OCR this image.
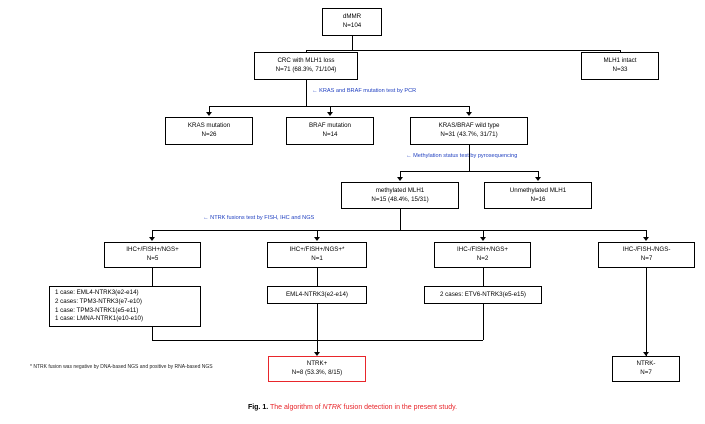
dMMR
N=104
CRC with MLH1 loss
N=71 (68.3%, 71/104)
MLH1 intact
N=33
KRAS mutation
N=26
BRAF mutation
N=14
KRAS/BRAF wild type
N=31 (43.7%, 31/71)
methylated MLH1
N=15 (48.4%, 15/31)
Unmethylated MLH1
N=16
IHC+/FISH+/NGS+
N=5
IHC+/FISH+/NGS+*
N=1
IHC-/FISH+/NGS+
N=2
IHC-/FISH-/NGS-
N=7
1 case: EML4-NTRK3(e2-e14)
2 cases: TPM3-NTRK3(e7-e10)
1 case: TPM3-NTRK1(e5-e11)
1 case: LMNA-NTRK1(e10-e10)
EML4-NTRK3(e2-e14)	2 cases: ETV6-NTRK3(e5-e15)
NTRK+
N=8 (53.3%, 8/15)
NTRK-
N=7
← KRAS and BRAF mutation test by PCR
← Methylation status test by pyrosequencing
← NTRK fusions test by FISH, IHC and NGS
* NTRK fusion was negative by DNA-based NGS and positive by RNA-based NGS
Fig. 1. The algorithm of NTRK fusion detection in the present study.
